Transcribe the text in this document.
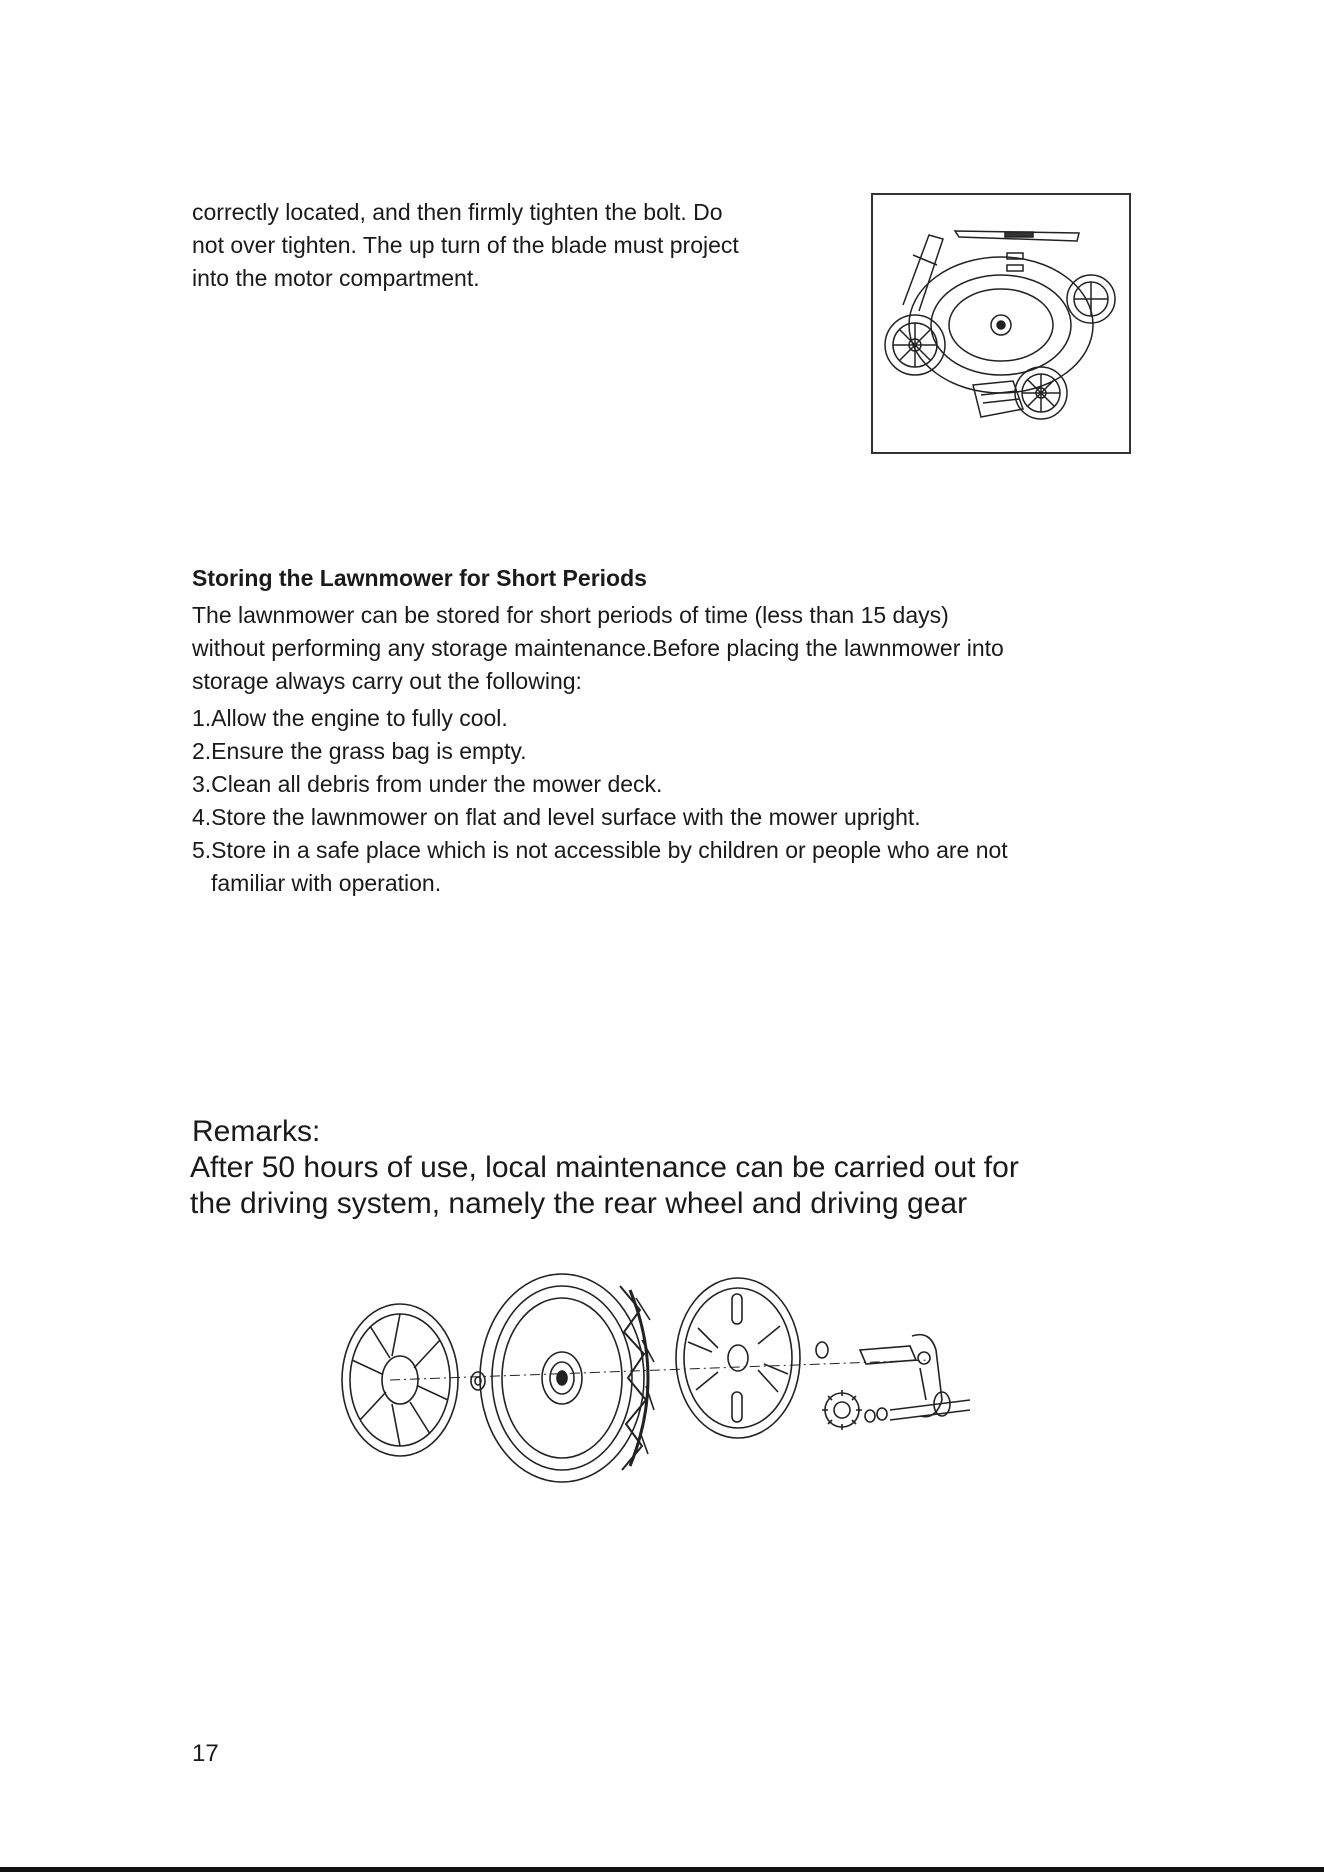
correctly located, and then firmly tighten the bolt. Do
not over tighten. The up turn of the blade must project
into the motor compartment.
Storing the Lawnmower for Short Periods
The lawnmower can be stored for short periods of time (less than 15 days)
without performing any storage maintenance.Before placing the lawnmower into
storage always carry out the following:
1.Allow the engine to fully cool.
2.Ensure the grass bag is empty.
3.Clean all debris from under the mower deck.
4.Store the lawnmower on flat and level surface with the mower upright.
5.Store in a safe place which is not accessible by children or people who are not
familiar with operation.
Remarks:
After 50 hours of use, local maintenance can be carried out for
the driving system, namely the rear wheel and driving gear
17
